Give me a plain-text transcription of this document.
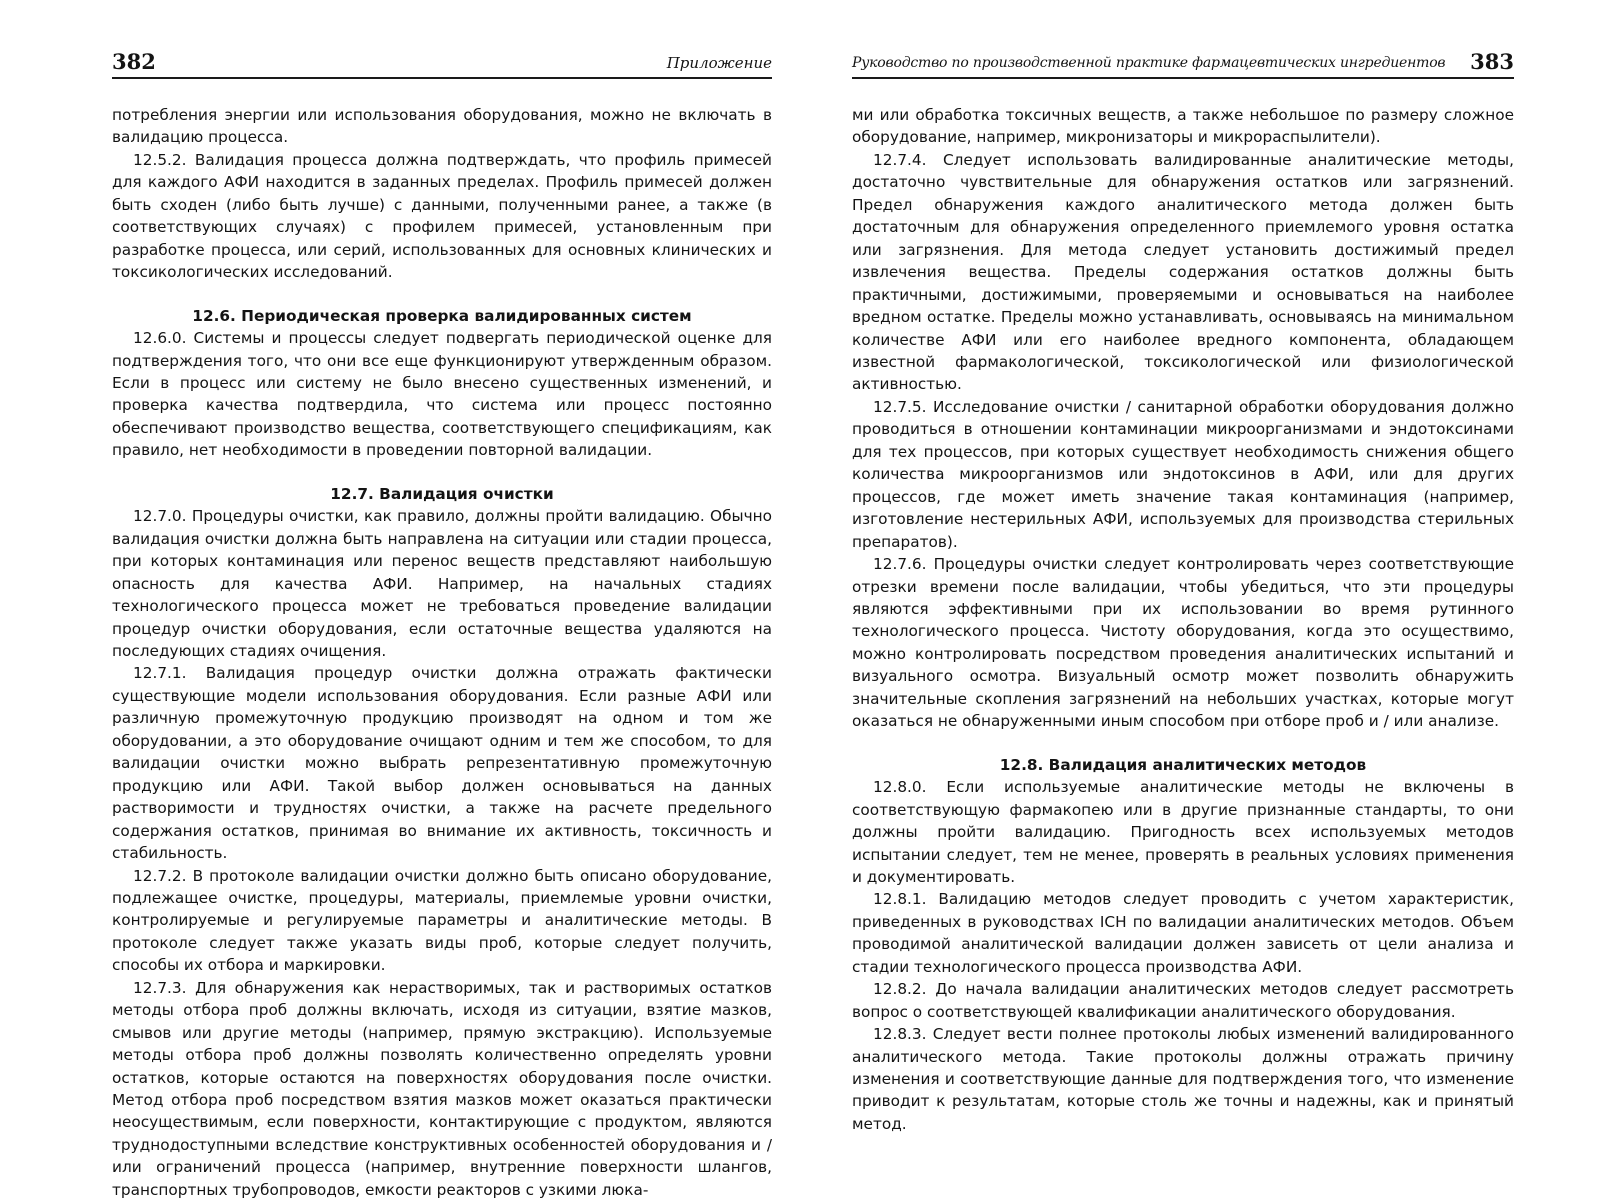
382	Приложение

потребления энергии или использования оборудования, можно не включать в валидацию процесса.

12.5.2. Валидация процесса должна подтверждать, что профиль примесей для каждого АФИ находится в заданных пределах. Профиль примесей должен быть сходен (либо быть лучше) с данными, полученными ранее, а также (в соответствующих случаях) с профилем примесей, установленным при разработке процесса, или серий, использованных для основных клинических и токсикологических исследований.

12.6. Периодическая проверка валидированных систем

12.6.0. Системы и процессы следует подвергать периодической оценке для подтверждения того, что они все еще функционируют утвержденным образом. Если в процесс или систему не было внесено существенных изменений, и проверка качества подтвердила, что система или процесс постоянно обеспечивают производство вещества, соответствующего спецификациям, как правило, нет необходимости в проведении повторной валидации.

12.7. Валидация очистки

12.7.0. Процедуры очистки, как правило, должны пройти валидацию. Обычно валидация очистки должна быть направлена на ситуации или стадии процесса, при которых контаминация или перенос веществ представляют наибольшую опасность для качества АФИ. Например, на начальных стадиях технологического процесса может не требоваться проведение валидации процедур очистки оборудования, если остаточные вещества удаляются на последующих стадиях очищения.

12.7.1. Валидация процедур очистки должна отражать фактически существующие модели использования оборудования. Если разные АФИ или различную промежуточную продукцию производят на одном и том же оборудовании, а это оборудование очищают одним и тем же способом, то для валидации очистки можно выбрать репрезентативную промежуточную продукцию или АФИ. Такой выбор должен основываться на данных растворимости и трудностях очистки, а также на расчете предельного содержания остатков, принимая во внимание их активность, токсичность и стабильность.

12.7.2. В протоколе валидации очистки должно быть описано оборудование, подлежащее очистке, процедуры, материалы, приемлемые уровни очистки, контролируемые и регулируемые параметры и аналитические методы. В протоколе следует также указать виды проб, которые следует получить, способы их отбора и маркировки.

12.7.3. Для обнаружения как нерастворимых, так и растворимых остатков методы отбора проб должны включать, исходя из ситуации, взятие мазков, смывов или другие методы (например, прямую экстракцию). Используемые методы отбора проб должны позволять количественно определять уровни остатков, которые остаются на поверхностях оборудования после очистки. Метод отбора проб посредством взятия мазков может оказаться практически неосуществимым, если поверхности, контактирующие с продуктом, являются труднодоступными вследствие конструктивных особенностей оборудования и / или ограничений процесса (например, внутренние поверхности шлангов, транспортных трубопроводов, емкости реакторов с узкими люка-

Руководство по производственной практике фармацевтических ингредиентов 383

ми или обработка токсичных веществ, а также небольшое по размеру сложное оборудование, например, микронизаторы и микрораспылители).

12.7.4. Следует использовать валидированные аналитические методы, достаточно чувствительные для обнаружения остатков или загрязнений. Предел обнаружения каждого аналитического метода должен быть достаточным для обнаружения определенного приемлемого уровня остатка или загрязнения. Для метода следует установить достижимый предел извлечения вещества. Пределы содержания остатков должны быть практичными, достижимыми, проверяемыми и основываться на наиболее вредном остатке. Пределы можно устанавливать, основываясь на минимальном количестве АФИ или его наиболее вредного компонента, обладающем известной фармакологической, токсикологической или физиологической активностью.

12.7.5. Исследование очистки / санитарной обработки оборудования должно проводиться в отношении контаминации микроорганизмами и эндотоксинами для тех процессов, при которых существует необходимость снижения общего количества микроорганизмов или эндотоксинов в АФИ, или для других процессов, где может иметь значение такая контаминация (например, изготовление нестерильных АФИ, используемых для производства стерильных препаратов).

12.7.6. Процедуры очистки следует контролировать через соответствующие отрезки времени после валидации, чтобы убедиться, что эти процедуры являются эффективными при их использовании во время рутинного технологического процесса. Чистоту оборудования, когда это осуществимо, можно контролировать посредством проведения аналитических испытаний и визуального осмотра. Визуальный осмотр может позволить обнаружить значительные скопления загрязнений на небольших участках, которые могут оказаться не обнаруженными иным способом при отборе проб и / или анализе.

12.8. Валидация аналитических методов

12.8.0. Если используемые аналитические методы не включены в соответствующую фармакопею или в другие признанные стандарты, то они должны пройти валидацию. Пригодность всех используемых методов испытании следует, тем не менее, проверять в реальных условиях применения и документировать.

12.8.1. Валидацию методов следует проводить с учетом характеристик, приведенных в руководствах ICH по валидации аналитических методов. Объем проводимой аналитической валидации должен зависеть от цели анализа и стадии технологического процесса производства АФИ.

12.8.2. До начала валидации аналитических методов следует рассмотреть вопрос о соответствующей квалификации аналитического оборудования.

12.8.3. Следует вести полнее протоколы любых изменений валидированного аналитического метода. Такие протоколы должны отражать причину изменения и соответствующие данные для подтверждения того, что изменение приводит к результатам, которые столь же точны и надежны, как и принятый метод.
